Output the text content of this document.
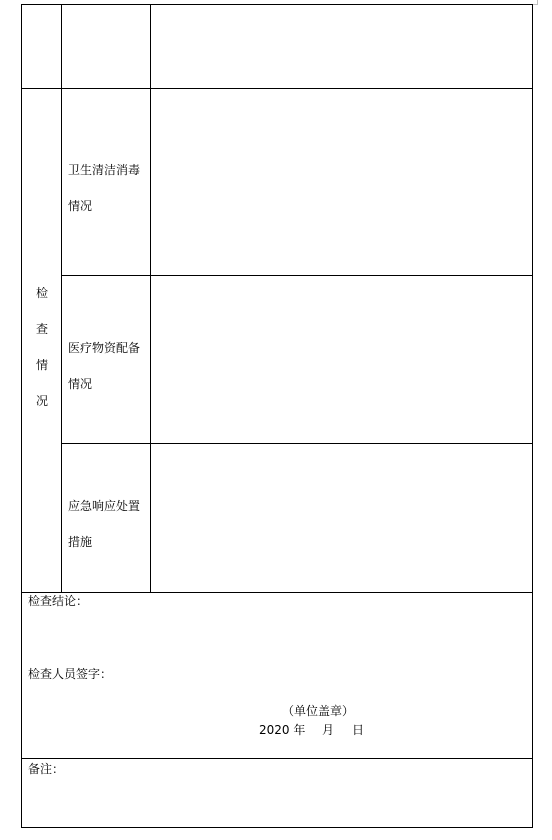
检
查
情
况
卫生清洁消毒情况
医疗物资配备情况
应急响应处置措施
检查结论：
检查人员签字：
（单位盖章）
2020 年 月 日
备注：
